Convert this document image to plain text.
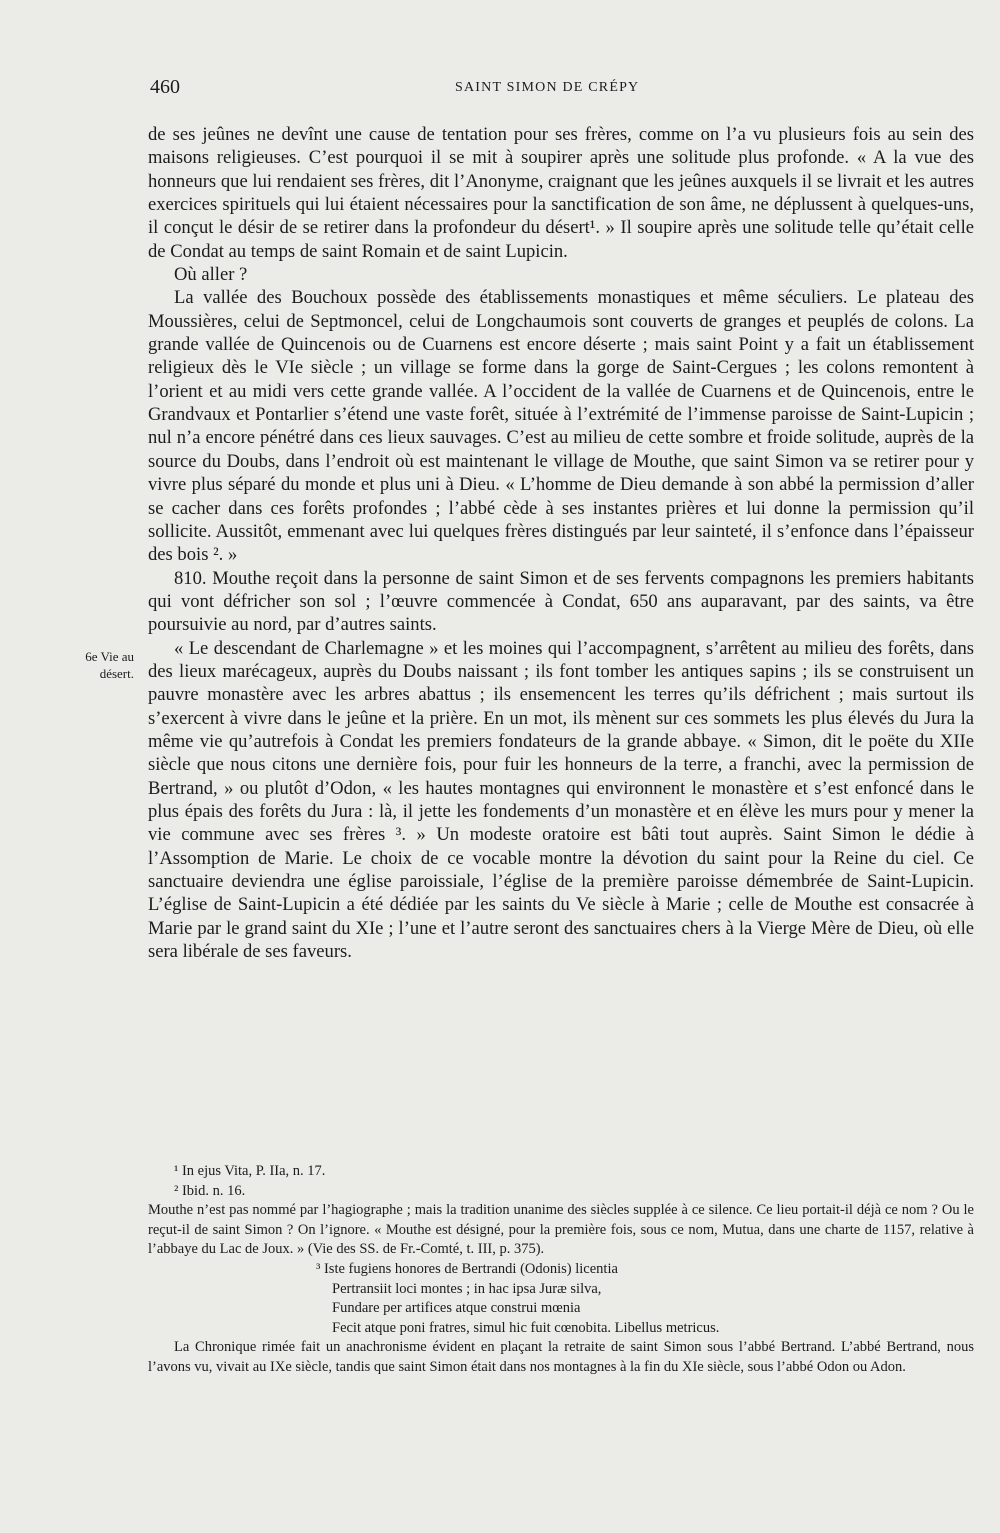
460	SAINT SIMON DE CRÉPY

de ses jeûnes ne devînt une cause de tentation pour ses frères, comme on l’a vu plusieurs fois au sein des maisons religieuses. C’est pourquoi il se mit à soupirer après une solitude plus profonde. « A la vue des honneurs que lui rendaient ses frères, dit l’Anonyme, craignant que les jeûnes auxquels il se livrait et les autres exercices spirituels qui lui étaient nécessaires pour la sanctification de son âme, ne déplussent à quelques-uns, il conçut le désir de se retirer dans la profondeur du désert¹. » Il soupire après une solitude telle qu’était celle de Condat au temps de saint Romain et de saint Lupicin.

Où aller ?

La vallée des Bouchoux possède des établissements monastiques et même séculiers. Le plateau des Moussières, celui de Septmoncel, celui de Longchaumois sont couverts de granges et peuplés de colons. La grande vallée de Quincenois ou de Cuarnens est encore déserte ; mais saint Point y a fait un établissement religieux dès le VIe siècle ; un village se forme dans la gorge de Saint-Cergues ; les colons remontent à l’orient et au midi vers cette grande vallée. A l’occident de la vallée de Cuarnens et de Quincenois, entre le Grandvaux et Pontarlier s’étend une vaste forêt, située à l’extrémité de l’immense paroisse de Saint-Lupicin ; nul n’a encore pénétré dans ces lieux sauvages. C’est au milieu de cette sombre et froide solitude, auprès de la source du Doubs, dans l’endroit où est maintenant le village de Mouthe, que saint Simon va se retirer pour y vivre plus séparé du monde et plus uni à Dieu. « L’homme de Dieu demande à son abbé la permission d’aller se cacher dans ces forêts profondes ; l’abbé cède à ses instantes prières et lui donne la permission qu’il sollicite. Aussitôt, emmenant avec lui quelques frères distingués par leur sainteté, il s’enfonce dans l’épaisseur des bois ². »

810. Mouthe reçoit dans la personne de saint Simon et de ses fervents compagnons les premiers habitants qui vont défricher son sol ; l’œuvre commencée à Condat, 650 ans auparavant, par des saints, va être poursuivie au nord, par d’autres saints.

« Le descendant de Charlemagne » et les moines qui l’accompagnent, s’arrêtent au milieu des forêts, dans des lieux marécageux, auprès du Doubs naissant ; ils font tomber les antiques sapins ; ils se construisent un pauvre monastère avec les arbres abattus ; ils ensemencent les terres qu’ils défrichent ; mais surtout ils s’exercent à vivre dans le jeûne et la prière. En un mot, ils mènent sur ces sommets les plus élevés du Jura la même vie qu’autrefois à Condat les premiers fondateurs de la grande abbaye. « Simon, dit le poëte du XIIe siècle que nous citons une dernière fois, pour fuir les honneurs de la terre, a franchi, avec la permission de Bertrand, » ou plutôt d’Odon, « les hautes montagnes qui environnent le monastère et s’est enfoncé dans le plus épais des forêts du Jura : là, il jette les fondements d’un monastère et en élève les murs pour y mener la vie commune avec ses frères ³. » Un modeste oratoire est bâti tout auprès. Saint Simon le dédie à l’Assomption de Marie. Le choix de ce vocable montre la dévotion du saint pour la Reine du ciel. Ce sanctuaire deviendra une église paroissiale, l’église de la première paroisse démembrée de Saint-Lupicin. L’église de Saint-Lupicin a été dédiée par les saints du Ve siècle à Marie ; celle de Mouthe est consacrée à Marie par le grand saint du XIe ; l’une et l’autre seront des sanctuaires chers à la Vierge Mère de Dieu, où elle sera libérale de ses faveurs.

6e Vie au désert.

¹ In ejus Vita, P. IIa, n. 17.

² Ibid. n. 16.

Mouthe n’est pas nommé par l’hagiographe ; mais la tradition unanime des siècles supplée à ce silence. Ce lieu portait-il déjà ce nom ? Ou le reçut-il de saint Simon ? On l’ignore. « Mouthe est désigné, pour la première fois, sous ce nom, Mutua, dans une charte de 1157, relative à l’abbaye du Lac de Joux. » (Vie des SS. de Fr.-Comté, t. III, p. 375).

³ Iste fugiens honores de Bertrandi (Odonis) licentia

Pertransiit loci montes ; in hac ipsa Juræ silva,

Fundare per artifices atque construi mœnia

Fecit atque poni fratres, simul hic fuit cœnobita. Libellus metricus.

La Chronique rimée fait un anachronisme évident en plaçant la retraite de saint Simon sous l’abbé Bertrand. L’abbé Bertrand, nous l’avons vu, vivait au IXe siècle, tandis que saint Simon était dans nos montagnes à la fin du XIe siècle, sous l’abbé Odon ou Adon.
